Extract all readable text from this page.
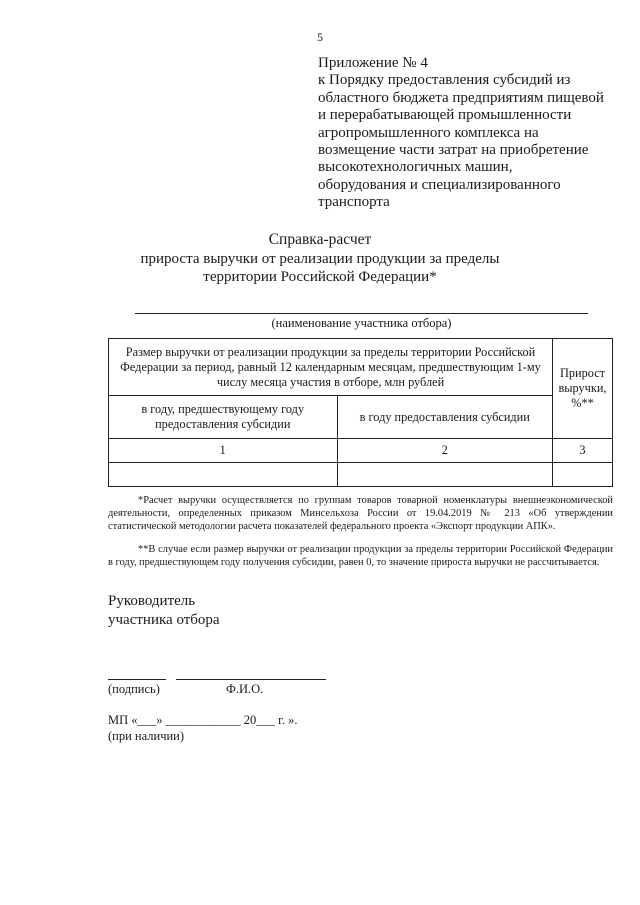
5
Приложение № 4
к Порядку предоставления субсидий из
областного бюджета предприятиям пищевой
и перерабатывающей промышленности
агропромышленного комплекса на
возмещение части затрат на приобретение
высокотехнологичных машин,
оборудования и специализированного
транспорта
Справка-расчет
прироста выручки от реализации продукции за пределы территории Российской Федерации*
(наименование участника отбора)
Размер выручки от реализации продукции за пределы территории Российской Федерации за период, равный 12 календарным месяцам, предшествующим 1-му числу месяца участия в отборе, млн рублей		Прирост выручки, %**
в году, предшествующему году предоставления субсидии	в году предоставления субсидии	
1	2	3

*Расчет выручки осуществляется по группам товаров товарной номенклатуры внешнеэкономической деятельности, определенных приказом Минсельхоза России от 19.04.2019 № 213 «Об утверждении статистической методологии расчета показателей федерального проекта «Экспорт продукции АПК».

**В случае если размер выручки от реализации продукции за пределы территории Российской Федерации в году, предшествующем году получения субсидии, равен 0, то значение прироста выручки не рассчитывается.

Руководитель
участника отбора
(подпись)	Ф.И.О.
МП «___» ____________ 20___ г. ».
(при наличии)
